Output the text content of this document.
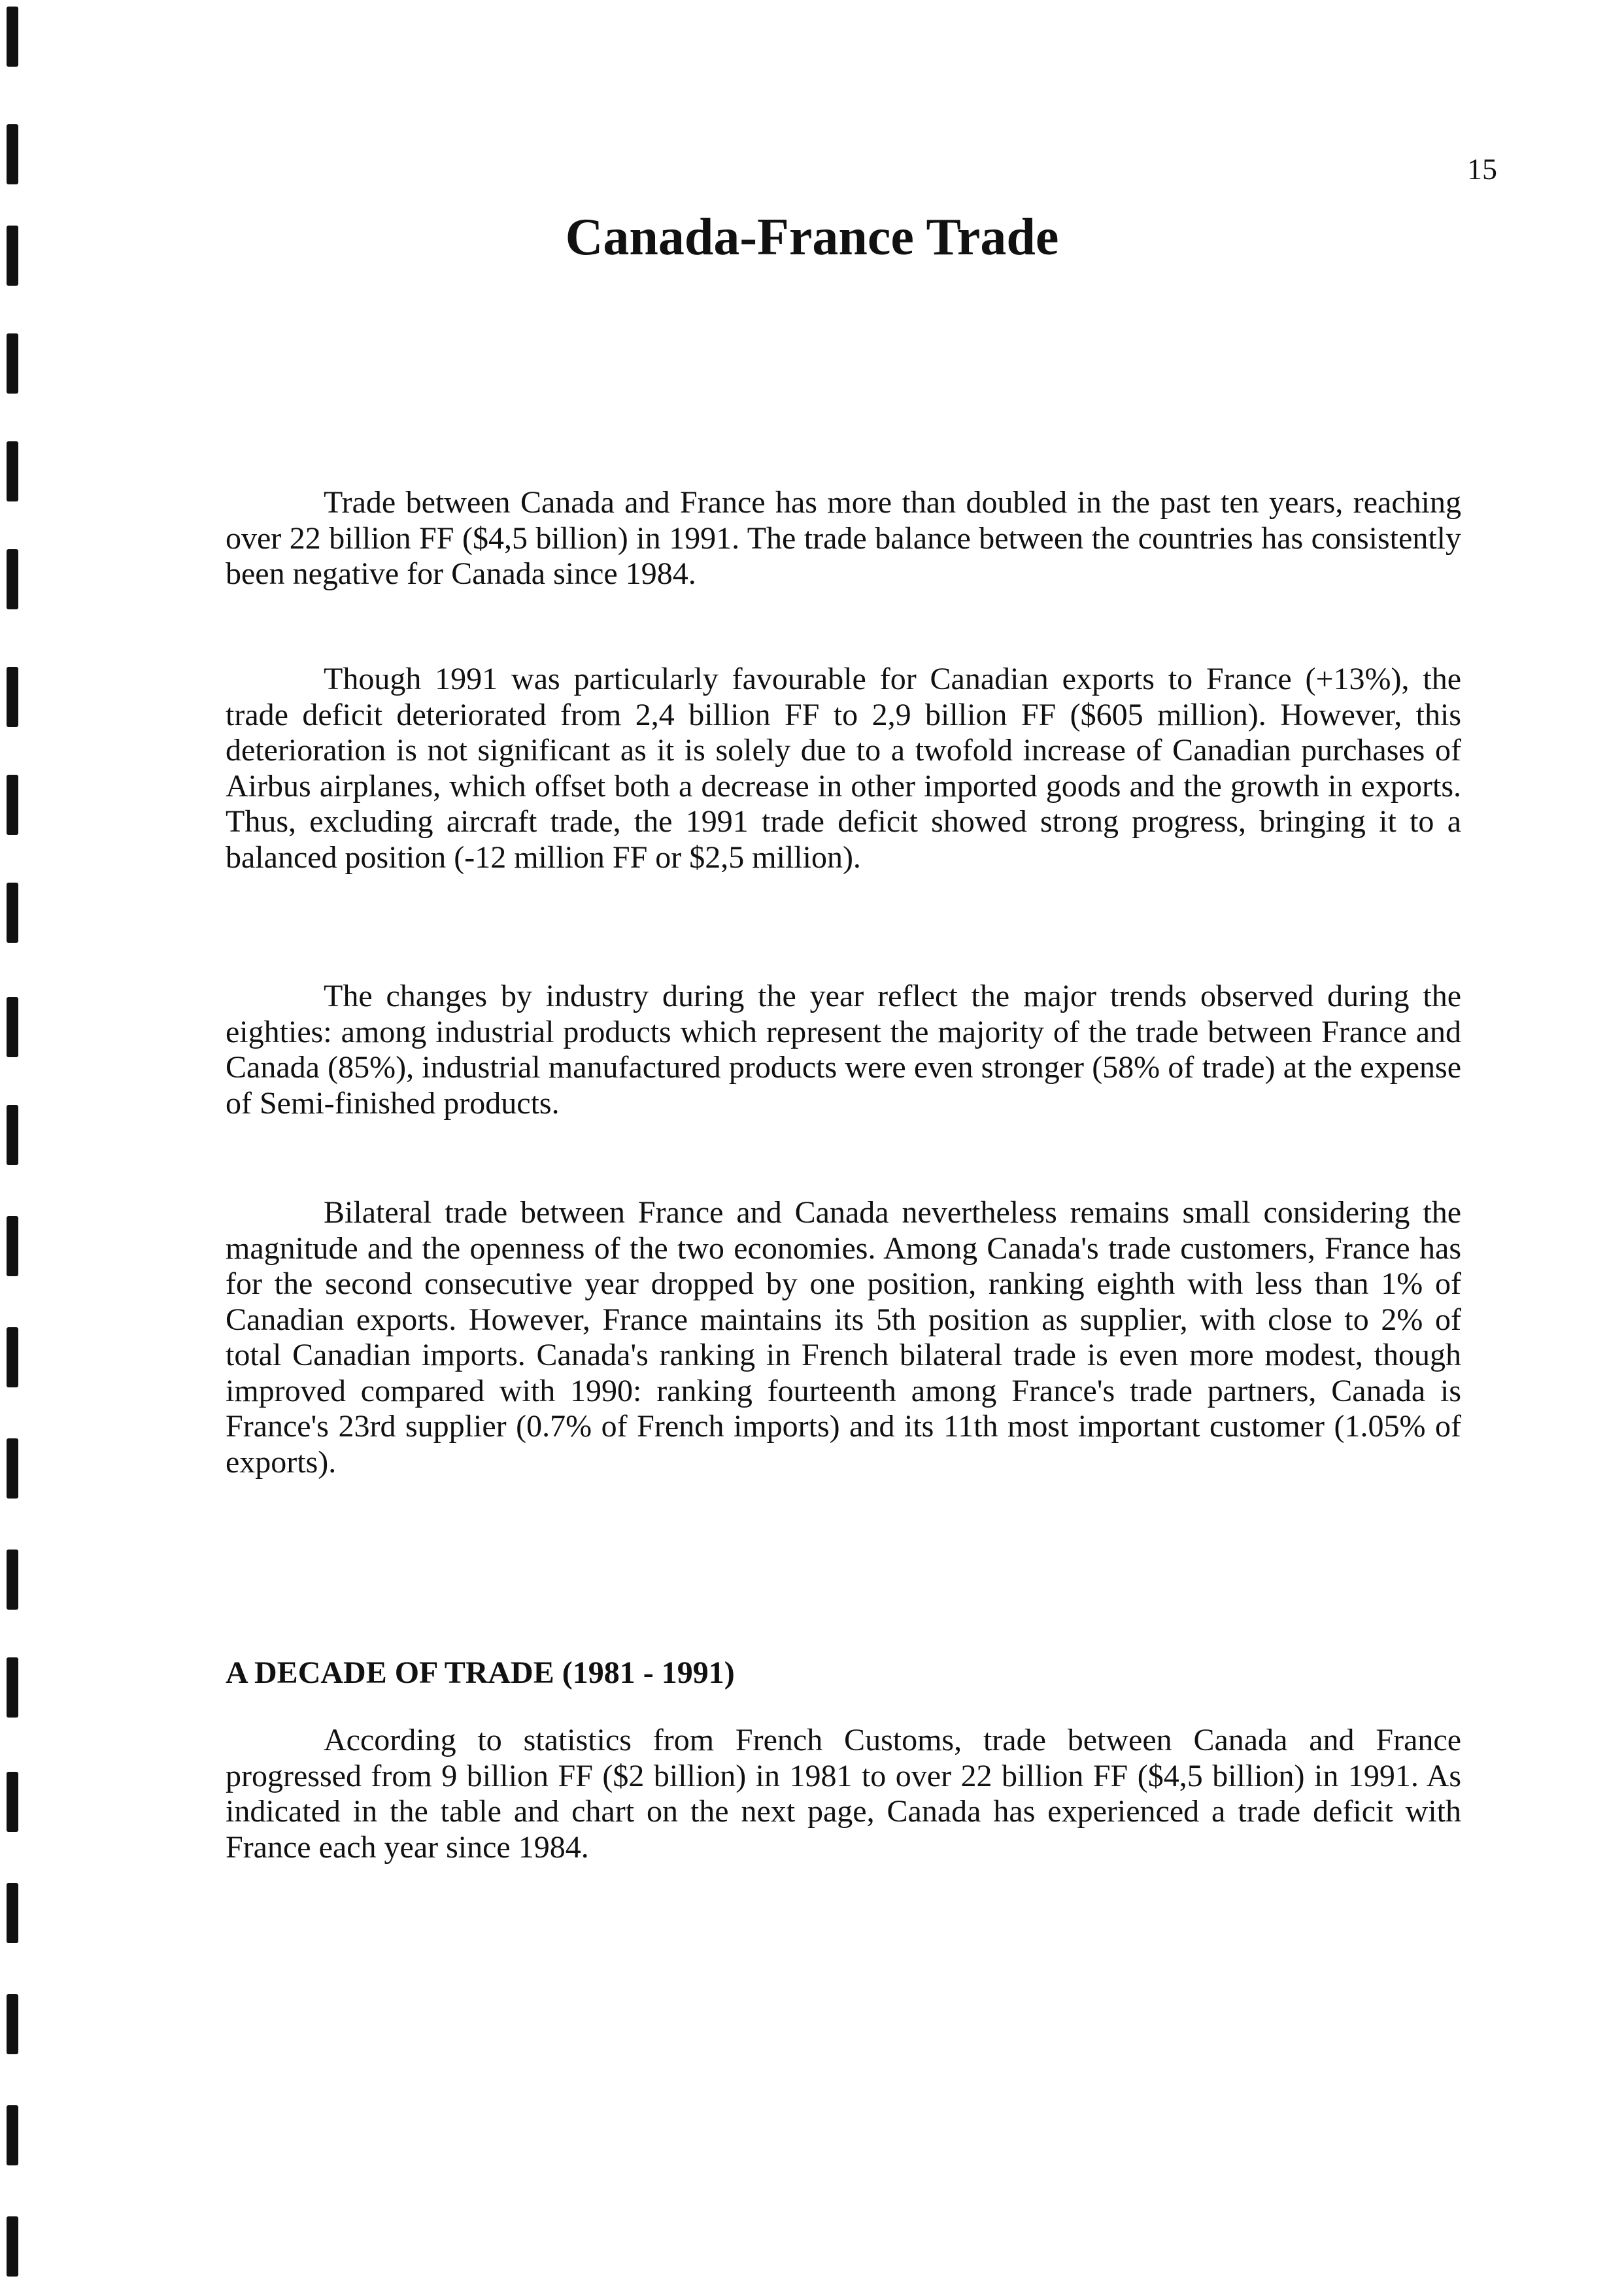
15
Canada-France Trade

Trade between Canada and France has more than doubled in the past ten years, reaching over 22 billion FF ($4,5 billion) in 1991. The trade balance between the countries has consistently been negative for Canada since 1984.

Though 1991 was particularly favourable for Canadian exports to France (+13%), the trade deficit deteriorated from 2,4 billion FF to 2,9 billion FF ($605 million). However, this deterioration is not significant as it is solely due to a twofold increase of Canadian purchases of Airbus airplanes, which offset both a decrease in other imported goods and the growth in exports. Thus, excluding aircraft trade, the 1991 trade deficit showed strong progress, bringing it to a balanced position (-12 million FF or $2,5 million).

The changes by industry during the year reflect the major trends observed during the eighties: among industrial products which represent the majority of the trade between France and Canada (85%), industrial manufactured products were even stronger (58% of trade) at the expense of Semi-finished products.

Bilateral trade between France and Canada nevertheless remains small considering the magnitude and the openness of the two economies. Among Canada's trade customers, France has for the second consecutive year dropped by one position, ranking eighth with less than 1% of Canadian exports. However, France maintains its 5th position as supplier, with close to 2% of total Canadian imports. Canada's ranking in French bilateral trade is even more modest, though improved compared with 1990: ranking fourteenth among France's trade partners, Canada is France's 23rd supplier (0.7% of French imports) and its 11th most important customer (1.05% of exports).

A DECADE OF TRADE (1981 - 1991)

According to statistics from French Customs, trade between Canada and France progressed from 9 billion FF ($2 billion) in 1981 to over 22 billion FF ($4,5 billion) in 1991. As indicated in the table and chart on the next page, Canada has experienced a trade deficit with France each year since 1984.
